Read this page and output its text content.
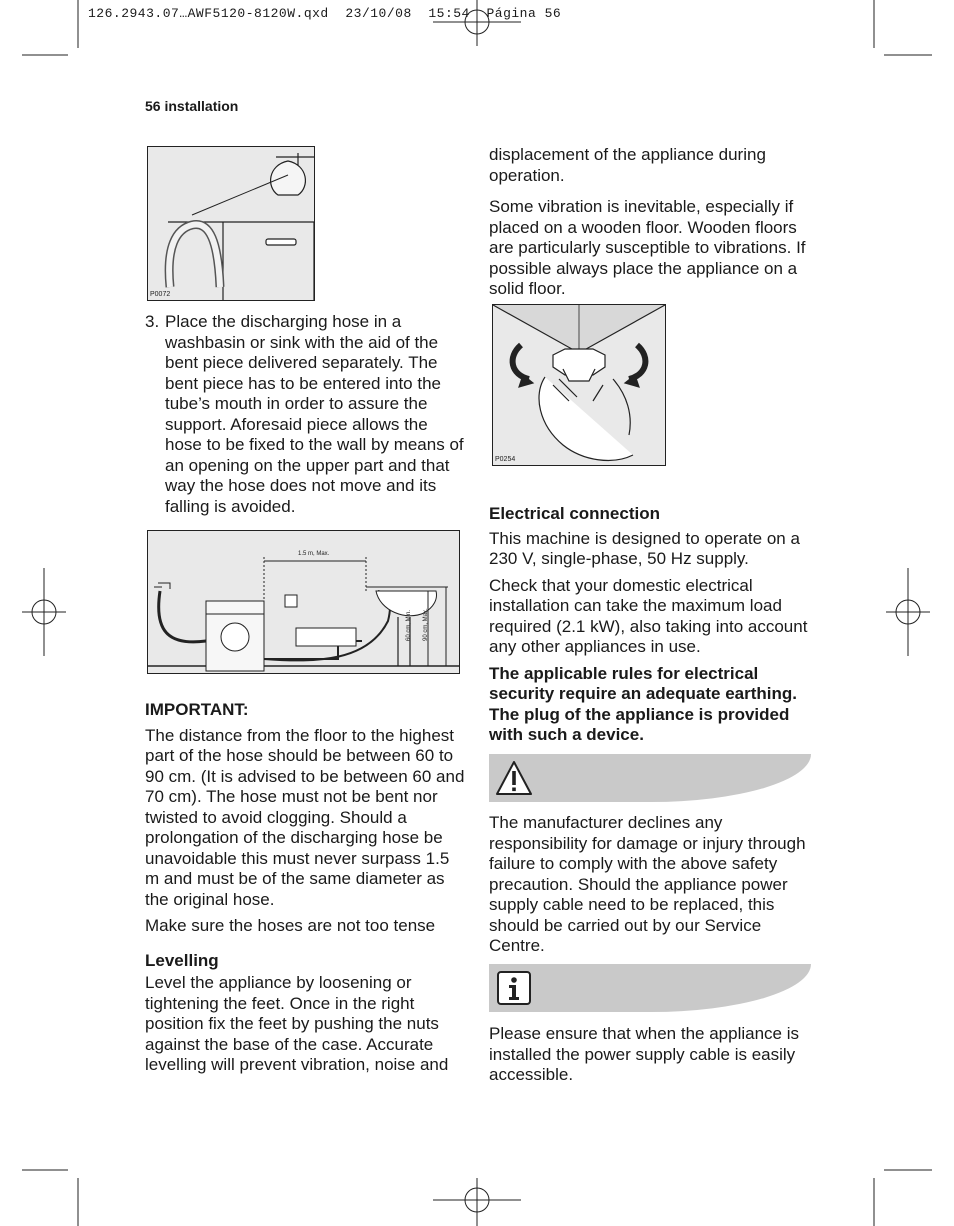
126.2943.07…AWF5120-8120W.qxd  23/10/08  15:54  Página 56
56 installation
P0072
3. Place the discharging hose in a washbasin or sink with the aid of the bent piece delivered separately. The bent piece has to be entered into the tube’s mouth in order to assure the support. Aforesaid piece allows the hose to be fixed to the wall by means of an opening on the upper part and that way the hose does not move and its falling is avoided.
1.5 m, Max.
60 cm, Min. 90 cm, Max.
IMPORTANT:

The distance from the floor to the highest part of the hose should be between 60 to 90 cm. (It is advised to be between 60 and 70 cm). The hose must not be bent nor twisted to avoid clogging. Should a prolongation of the discharging hose be unavoidable this must never surpass 1.5 m and must be of the same diameter as the original hose.

Make sure the hoses are not too tense

Levelling

Level the appliance by loosening or tightening the feet. Once in the right position fix the feet by pushing the nuts against the base of the case. Accurate levelling will prevent vibration, noise and

displacement of the appliance during operation.

Some vibration is inevitable, especially if placed on a wooden floor. Wooden floors are particularly susceptible to vibrations. If possible always place the appliance on a solid floor.

P0254
Electrical connection

This machine is designed to operate on a 230 V, single-phase, 50 Hz supply.

Check that your domestic electrical installation can take the maximum load required (2.1 kW), also taking into account any other appliances in use.

The applicable rules for electrical security require an adequate earthing. The plug of the appliance is provided with such a device.

The manufacturer declines any responsibility for damage or injury through failure to comply with the above safety precaution. Should the appliance power supply cable need to be replaced, this should be carried out by our Service Centre.

Please ensure that when the appliance is installed the power supply cable is easily accessible.
